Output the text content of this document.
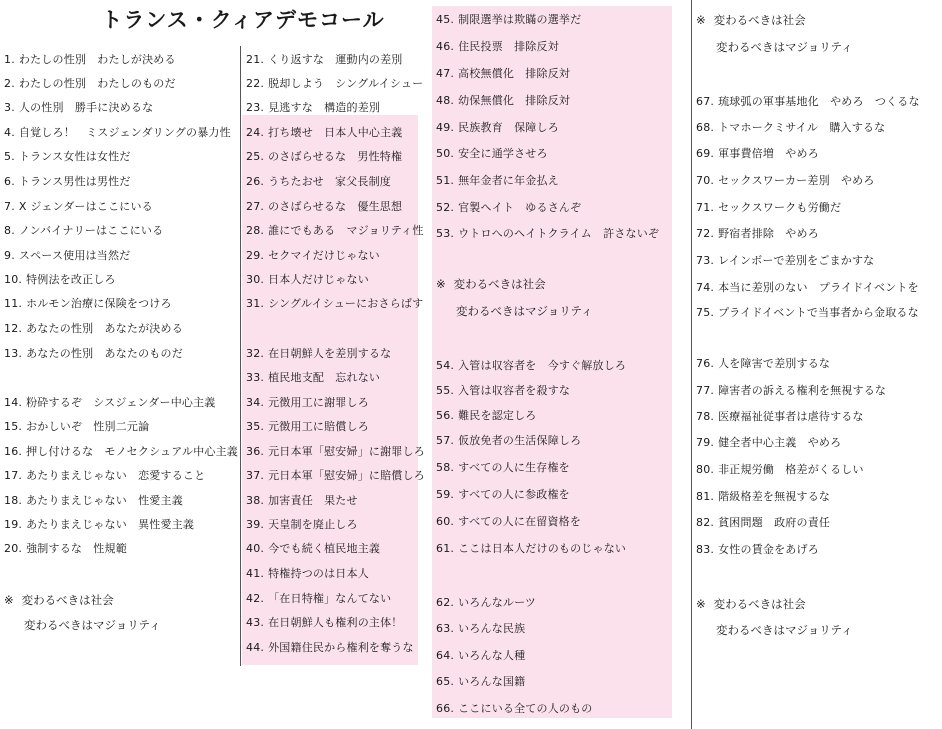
トランス・クィアデモコール
1. わたしの性別　わたしが決める
2. わたしの性別　わたしのものだ
3. 人の性別　勝手に決めるな
4. 自覚しろ！　ミスジェンダリングの暴力性
5. トランス女性は女性だ
6. トランス男性は男性だ
7. X ジェンダーはここにいる
8. ノンバイナリーはここにいる
9. スペース使用は当然だ
10. 特例法を改正しろ
11. ホルモン治療に保険をつけろ
12. あなたの性別　あなたが決める
13. あなたの性別　あなたのものだ
14. 粉砕するぞ　シスジェンダー中心主義
15. おかしいぞ　性別二元論
16. 押し付けるな　モノセクシュアル中心主義
17. あたりまえじゃない　恋愛すること
18. あたりまえじゃない　性愛主義
19. あたりまえじゃない　異性愛主義
20. 強制するな　性規範
※ 変わるべきは社会
変わるべきはマジョリティ
21. くり返すな　運動内の差別
22. 脱却しよう　シングルイシュー
23. 見逃すな　構造的差別
24. 打ち壊せ　日本人中心主義
25. のさばらせるな　男性特権
26. うちたおせ　家父長制度
27. のさばらせるな　優生思想
28. 誰にでもある　マジョリティ性
29. セクマイだけじゃない
30. 日本人だけじゃない
31. シングルイシューにおさらばす
32. 在日朝鮮人を差別するな
33. 植民地支配　忘れない
34. 元徴用工に謝罪しろ
35. 元徴用工に賠償しろ
36. 元日本軍「慰安婦」に謝罪しろ
37. 元日本軍「慰安婦」に賠償しろ
38. 加害責任　果たせ
39. 天皇制を廃止しろ
40. 今でも続く植民地主義
41. 特権持つのは日本人
42. 「在日特権」なんてない
43. 在日朝鮮人も権利の主体！
44. 外国籍住民から権利を奪うな
45. 制限選挙は欺瞞の選挙だ
46. 住民投票　排除反対
47. 高校無償化　排除反対
48. 幼保無償化　排除反対
49. 民族教育　保障しろ
50. 安全に通学させろ
51. 無年金者に年金払え
52. 官製ヘイト　ゆるさんぞ
53. ウトロへのヘイトクライム　許さないぞ
54. 入管は収容者を　今すぐ解放しろ
55. 入管は収容者を殺すな
56. 難民を認定しろ
57. 仮放免者の生活保障しろ
58. すべての人に生存権を
59. すべての人に参政権を
60. すべての人に在留資格を
61. ここは日本人だけのものじゃない
62. いろんなルーツ
63. いろんな民族
64. いろんな人種
65. いろんな国籍
66. ここにいる全ての人のもの
※ 変わるべきは社会
変わるべきはマジョリティ
67. 琉球弧の軍事基地化　やめろ　つくるな
68. トマホークミサイル　購入するな
69. 軍事費倍増　やめろ
70. セックスワーカー差別　やめろ
71. セックスワークも労働だ
72. 野宿者排除　やめろ
73. レインボーで差別をごまかすな
74. 本当に差別のない　プライドイベントを
75. プライドイベントで当事者から金取るな
76. 人を障害で差別するな
77. 障害者の訴える権利を無視するな
78. 医療福祉従事者は虐待するな
79. 健全者中心主義　やめろ
80. 非正規労働　格差がくるしい
81. 階級格差を無視するな
82. 貧困問題　政府の責任
83. 女性の賃金をあげろ
※ 変わるべきは社会
変わるべきはマジョリティ
※ 変わるべきは社会
変わるべきはマジョリティ
